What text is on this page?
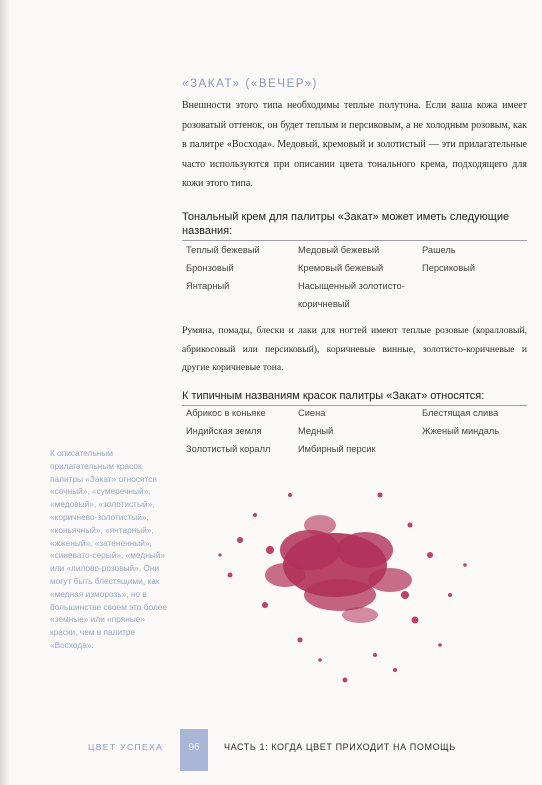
«ЗАКАТ» («ВЕЧЕР»)
Внешности этого типа необходимы теплые полутона. Если ваша кожа имеет розоватый оттенок, он будет теплым и персиковым, а не холодным розовым, как в палитре «Восхода». Медовый, кремовый и золотистый — эти прилагательные часто используются при описании цвета тонального крема, подходящего для кожи этого типа.
Тональный крем для палитры «Закат» может иметь следующие названия:
Теплый бежевый	Медовый бежевый	Рашель
Бронзовый	Кремовый бежевый	Персиковый
Янтарный	Насыщенный золотисто-коричневый
Румяна, помады, блески и лаки для ногтей имеют теплые розовые (коралловый, абрикосовый или персиковый), коричневые винные, золотисто-коричневые и другие коричневые тона.
К типичным названиям красок палитры «Закат» относятся:
Абрикос в коньяке	Сиена	Блестящая слива
Индийская земля	Медный	Жженый миндаль
Золотистый коралл	Имбирный персик
К описательным прилагательным красок палитры «Закат» относятся «сочный», «сумеречный», «медовый», «золотистый», «коричнево-золотистый», «коньячный», «янтарный», «жженый», «затененный», «синевато-серый», «медный» или «лилово-розовый». Они могут быть блестящими, как «медная изморозь», но в большинстве своем это более «земные» или «пряные» краски, чем в палитре «Восхода».
ЦВЕТ УСПЕХА	96	ЧАСТЬ 1: КОГДА ЦВЕТ ПРИХОДИТ НА ПОМОЩЬ
